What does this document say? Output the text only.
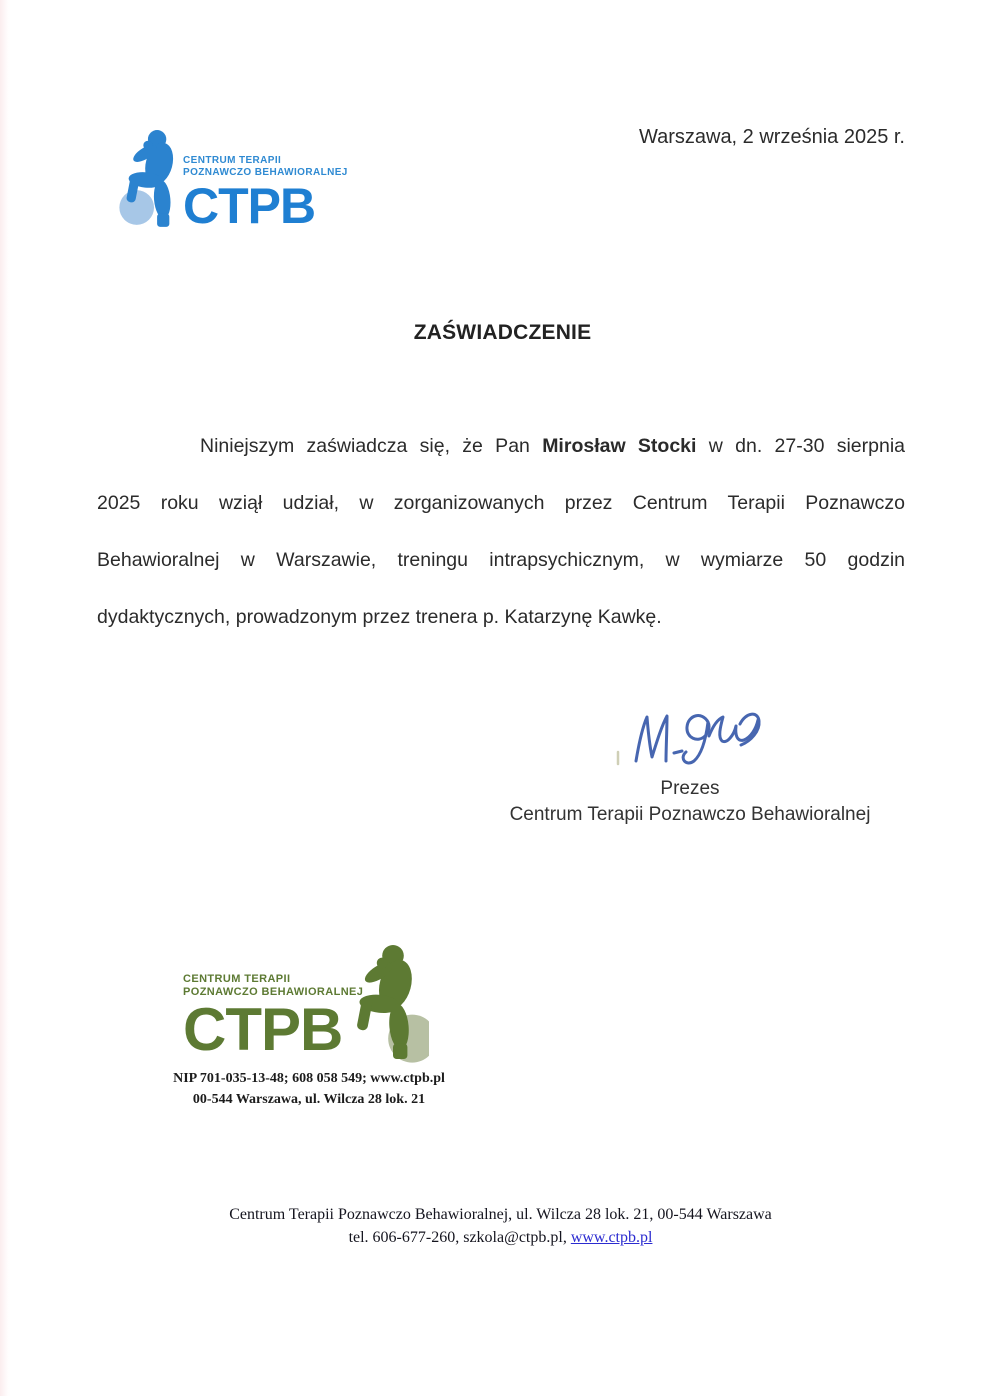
CENTRUM TERAPII
POZNAWCZO BEHAWIORALNEJ
CTPB
Warszawa, 2 września 2025 r.
ZAŚWIADCZENIE

Niniejszym zaświadcza się, że Pan Mirosław Stocki w dn. 27-30 sierpnia

2025 roku wziął udział, w zorganizowanych przez Centrum Terapii Poznawczo

Behawioralnej w Warszawie, treningu intrapsychicznym, w wymiarze 50 godzin

dydaktycznych, prowadzonym przez trenera p. Katarzynę Kawkę.

Prezes
Centrum Terapii Poznawczo Behawioralnej
CENTRUM TERAPII
POZNAWCZO BEHAWIORALNEJ
CTPB
NIP 701-035-13-48; 608 058 549; www.ctpb.pl
00-544 Warszawa, ul. Wilcza 28 lok. 21
Centrum Terapii Poznawczo Behawioralnej, ul. Wilcza 28 lok. 21, 00-544 Warszawa
tel. 606-677-260, szkola@ctpb.pl, www.ctpb.pl
